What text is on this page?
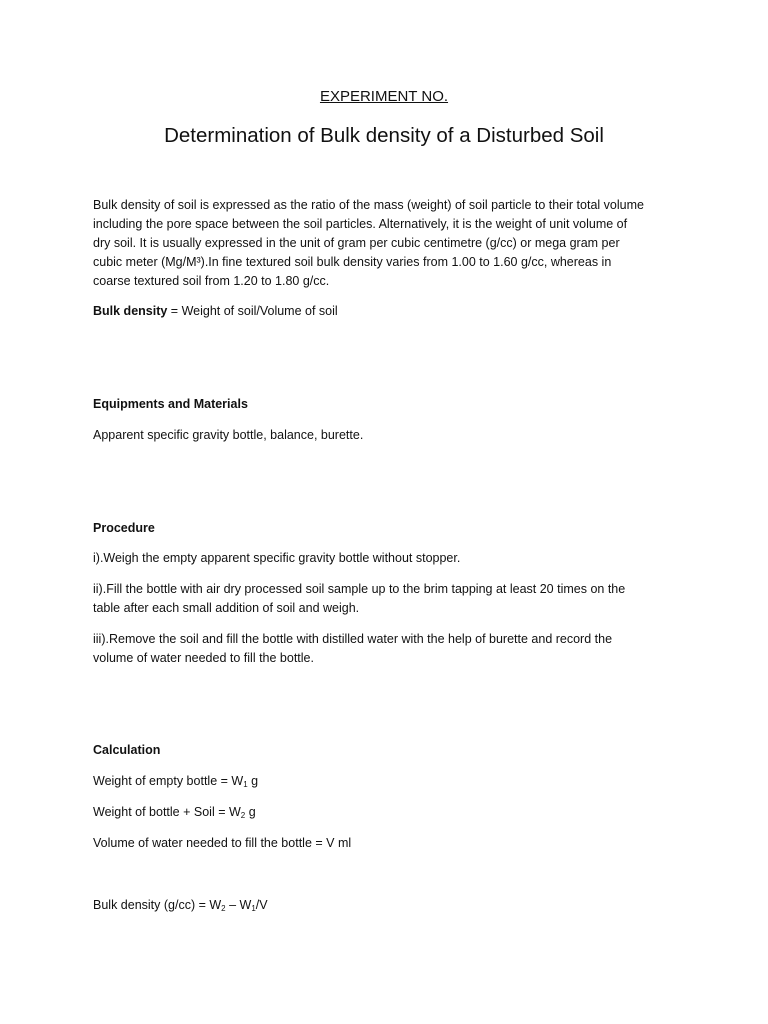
EXPERIMENT NO.

Determination of Bulk density of a Disturbed Soil
Bulk density of soil is expressed as the ratio of the mass (weight) of soil particle to their total volume
including the pore space between the soil particles. Alternatively, it is the weight of unit volume of
dry soil. It is usually expressed in the unit of gram per cubic centimetre (g/cc) or mega gram per
cubic meter (Mg/M³).In fine textured soil bulk density varies from 1.00 to 1.60 g/cc, whereas in
coarse textured soil from 1.20 to 1.80 g/cc.

Bulk density = Weight of soil/Volume of soil

Equipments and Materials

Apparent specific gravity bottle, balance, burette.

Procedure

i).Weigh the empty apparent specific gravity bottle without stopper.

ii).Fill the bottle with air dry processed soil sample up to the brim tapping at least 20 times on the
table after each small addition of soil and weigh.
iii).Remove the soil and fill the bottle with distilled water with the help of burette and record the
volume of water needed to fill the bottle.

Calculation

Weight of empty bottle = $W_1$ g

Weight of bottle + Soil = $W_2$ g

Volume of water needed to fill the bottle = V ml

Bulk density $(g/cc) = W_2 - W_1/V$
